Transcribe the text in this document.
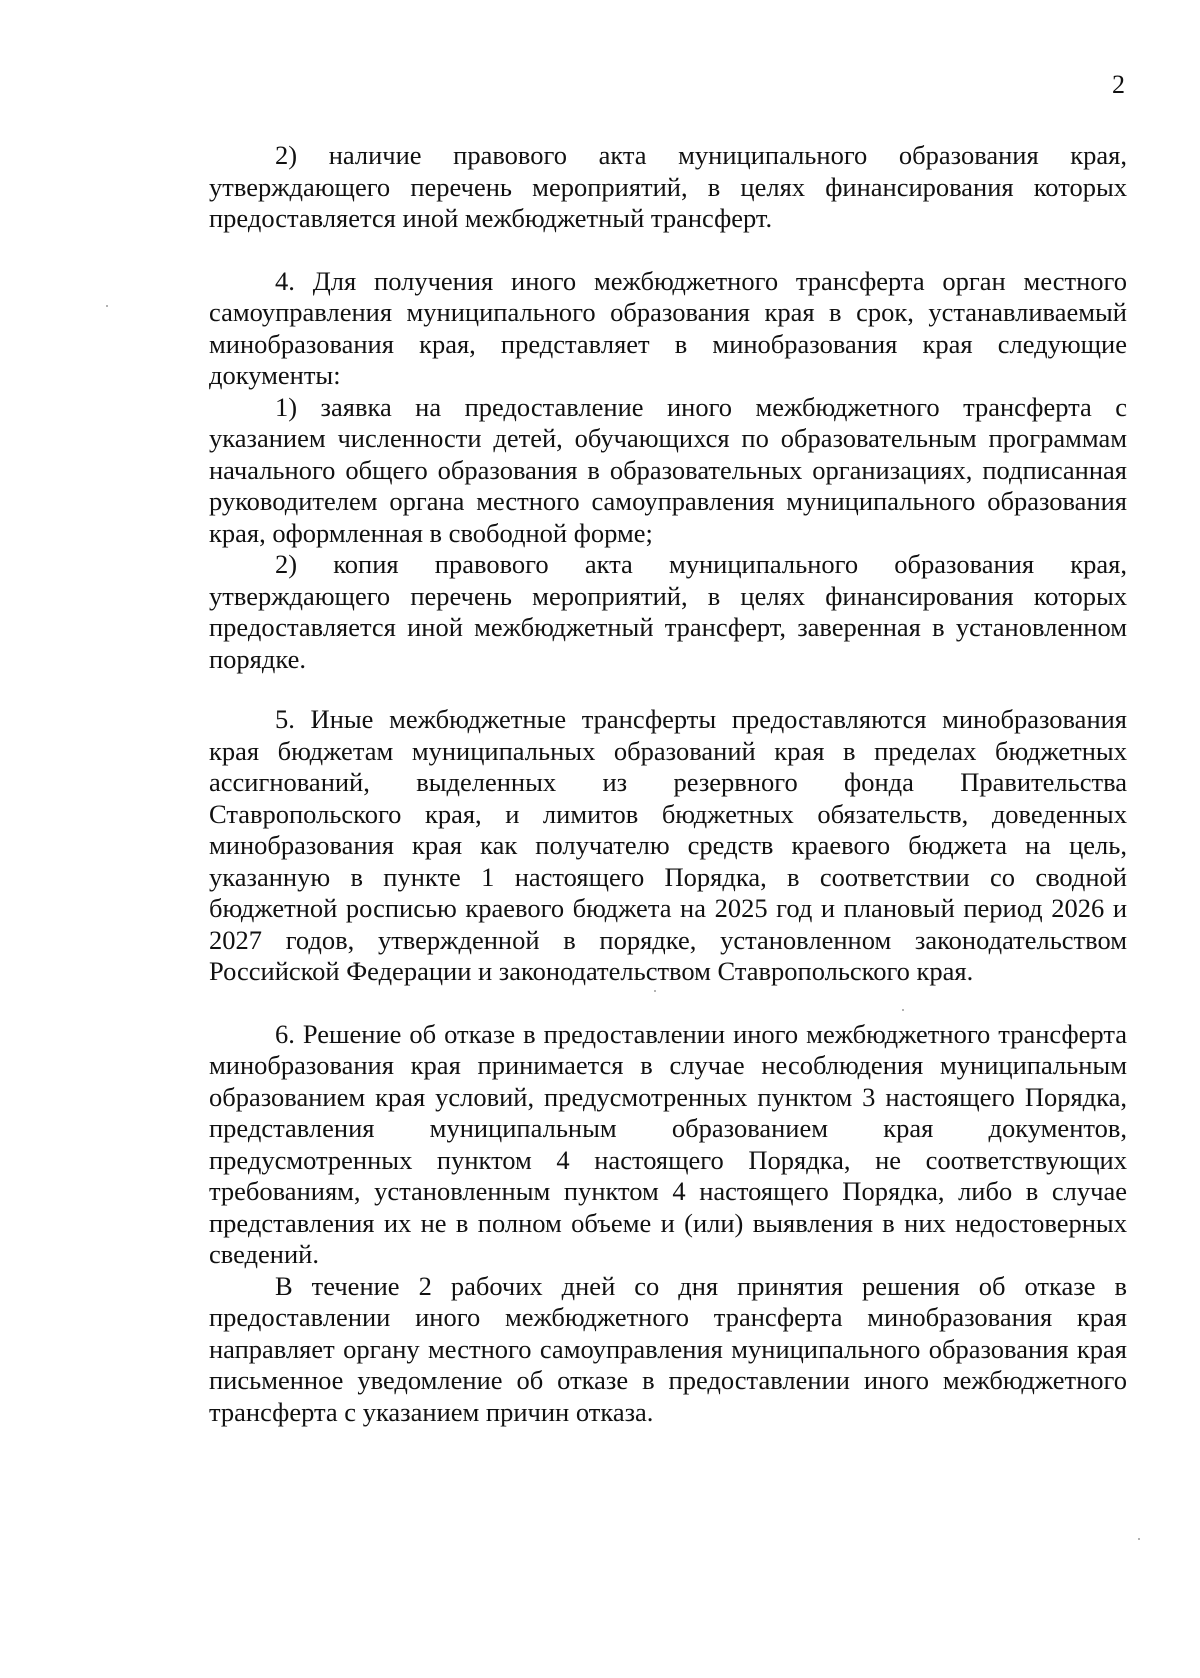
2

2) наличие правового акта муниципального образования края, утверждающего перечень мероприятий, в целях финансирования которых предоставляется иной межбюджетный трансферт.

4. Для получения иного межбюджетного трансферта орган местного самоуправления муниципального образования края в срок, устанавливаемый минобразования края, представляет в минобразования края следующие документы:

1) заявка на предоставление иного межбюджетного трансферта с указанием численности детей, обучающихся по образовательным программам начального общего образования в образовательных организациях, подписанная руководителем органа местного самоуправления муниципального образования края, оформленная в свободной форме;

2) копия правового акта муниципального образования края, утверждающего перечень мероприятий, в целях финансирования которых предоставляется иной межбюджетный трансферт, заверенная в установленном порядке.

5. Иные межбюджетные трансферты предоставляются минобразования края бюджетам муниципальных образований края в пределах бюджетных ассигнований, выделенных из резервного фонда Правительства Ставропольского края, и лимитов бюджетных обязательств, доведенных минобразования края как получателю средств краевого бюджета на цель, указанную в пункте 1 настоящего Порядка, в соответствии со сводной бюджетной росписью краевого бюджета на 2025 год и плановый период 2026 и 2027 годов, утвержденной в порядке, установленном законодательством Российской Федерации и законодательством Ставропольского края.

6. Решение об отказе в предоставлении иного межбюджетного трансферта минобразования края принимается в случае несоблюдения муниципальным образованием края условий, предусмотренных пунктом 3 настоящего Порядка, представления муниципальным образованием края документов, предусмотренных пунктом 4 настоящего Порядка, не соответствующих требованиям, установленным пунктом 4 настоящего Порядка, либо в случае представления их не в полном объеме и (или) выявления в них недостоверных сведений.

В течение 2 рабочих дней со дня принятия решения об отказе в предоставлении иного межбюджетного трансферта минобразования края направляет органу местного самоуправления муниципального образования края письменное уведомление об отказе в предоставлении иного межбюджетного трансферта с указанием причин отказа.
